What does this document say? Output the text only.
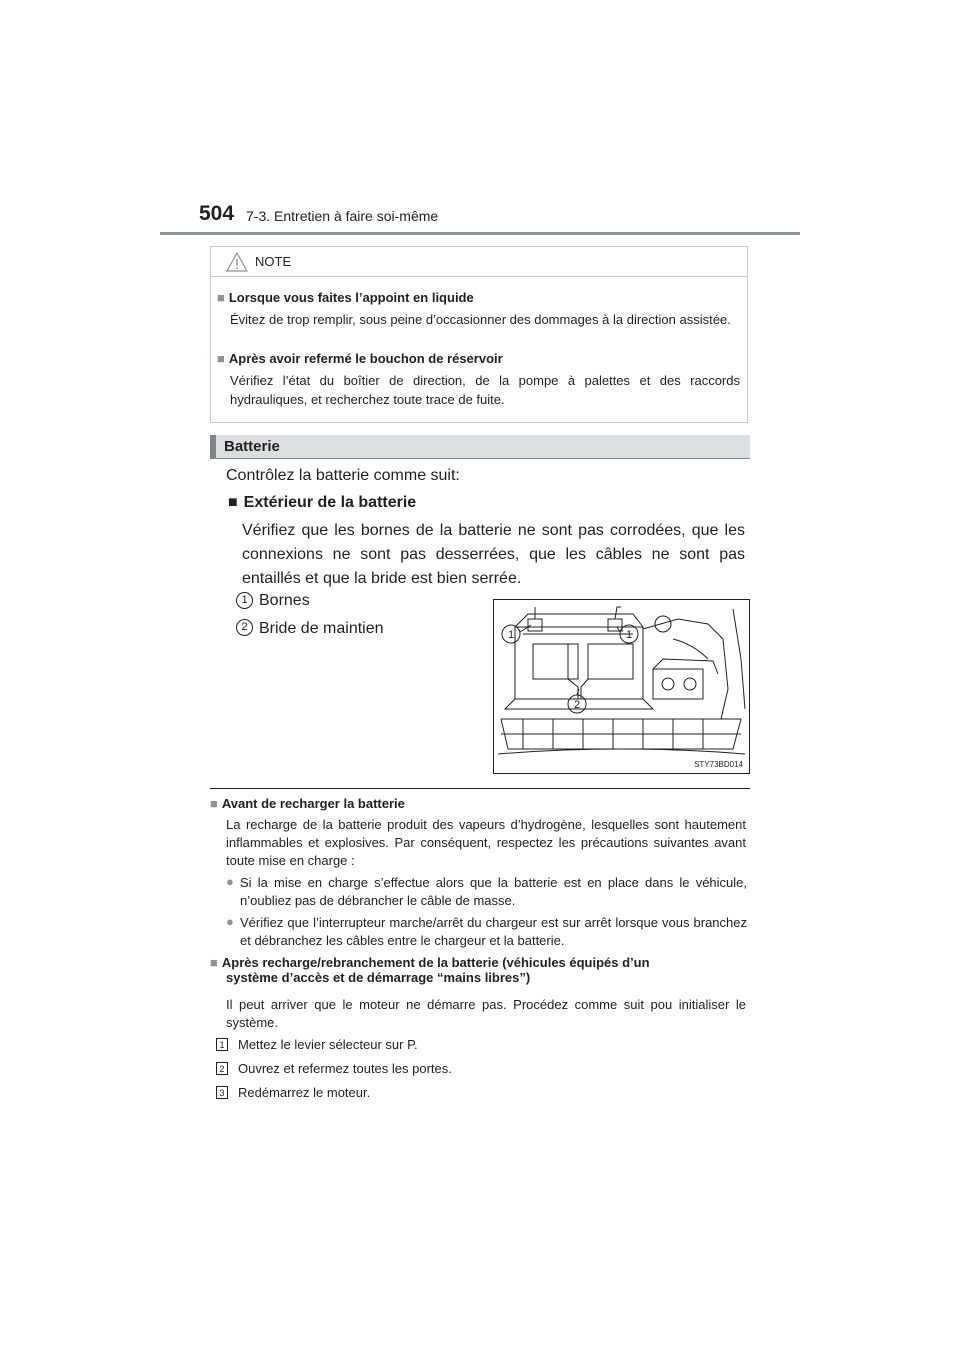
504 7-3. Entretien à faire soi-même
NOTE
■ Lorsque vous faites l’appoint en liquide
Évitez de trop remplir, sous peine d’occasionner des dommages à la direction assistée.
■ Après avoir refermé le bouchon de réservoir
Vérifiez l’état du boîtier de direction, de la pompe à palettes et des raccords hydrauliques, et recherchez toute trace de fuite.
Batterie
Contrôlez la batterie comme suit:
■ Extérieur de la batterie
Vérifiez que les bornes de la batterie ne sont pas corrodées, que les connexions ne sont pas desserrées, que les câbles ne sont pas entaillés et que la bride est bien serrée.
1 Bornes
2 Bride de maintien	1	1
2
STY73BD014
■ Avant de recharger la batterie
La recharge de la batterie produit des vapeurs d’hydrogène, lesquelles sont hautement inflammables et explosives. Par conséquent, respectez les précautions suivantes avant toute mise en charge :
● Si la mise en charge s’effectue alors que la batterie est en place dans le véhicule, n’oubliez pas de débrancher le câble de masse.
● Vérifiez que l’interrupteur marche/arrêt du chargeur est sur arrêt lorsque vous branchez et débranchez les câbles entre le chargeur et la batterie.
■ Après recharge/rebranchement de la batterie (véhicules équipés d’un
système d’accès et de démarrage “mains libres”)
Il peut arriver que le moteur ne démarre pas. Procédez comme suit pou initialiser le système.
1 Mettez le levier sélecteur sur P.
2 Ouvrez et refermez toutes les portes.
3 Redémarrez le moteur.
